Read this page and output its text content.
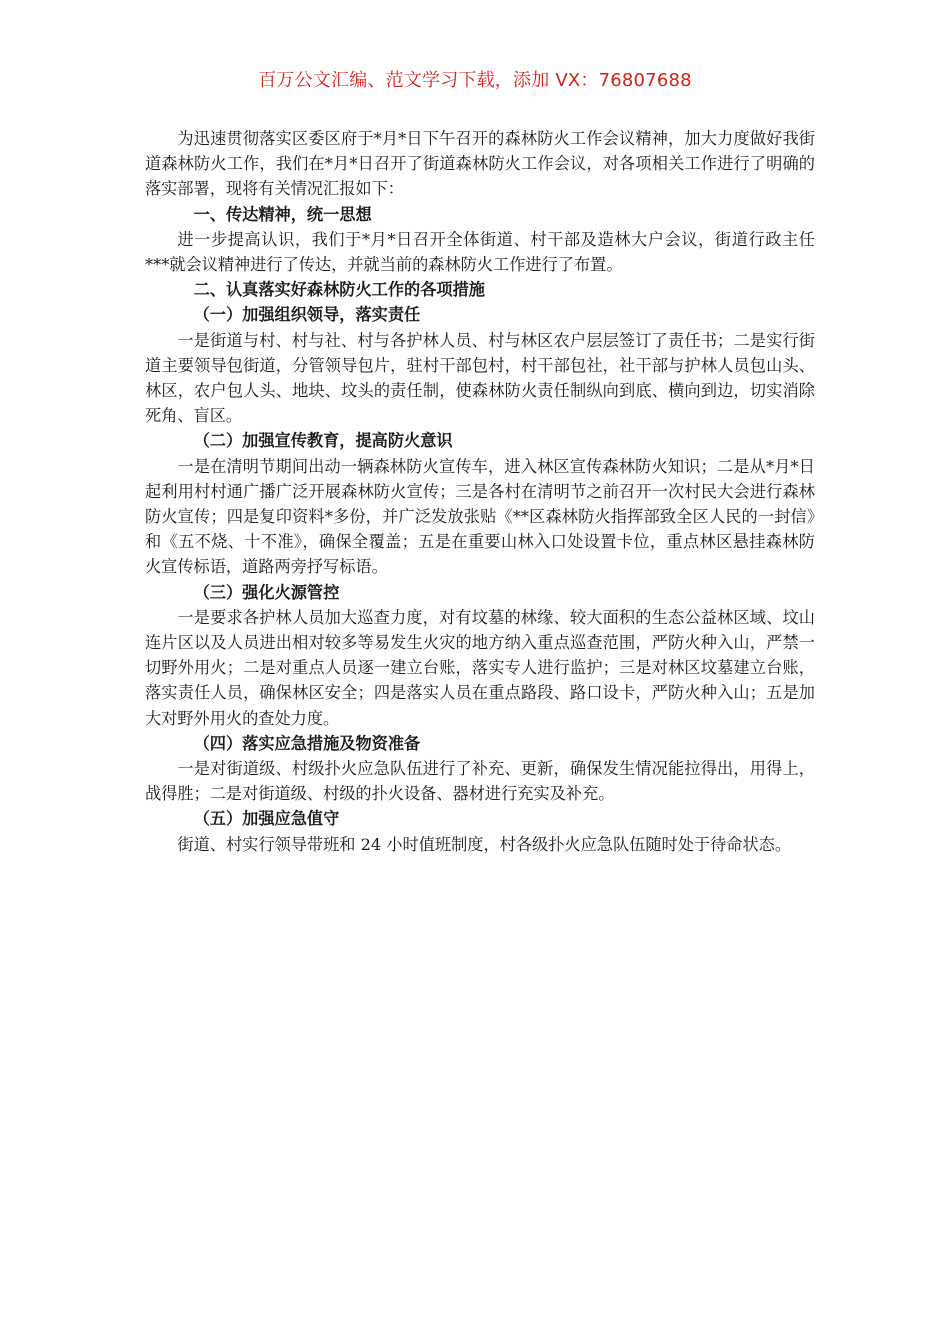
百万公文汇编、范文学习下载，添加 VX：76807688

为迅速贯彻落实区委区府于*月*日下午召开的森林防火工作会议精神，加大力度做好我街道森林防火工作，我们在*月*日召开了街道森林防火工作会议，对各项相关工作进行了明确的落实部署，现将有关情况汇报如下：

一、传达精神，统一思想

进一步提高认识，我们于*月*日召开全体街道、村干部及造林大户会议，街道行政主任***就会议精神进行了传达，并就当前的森林防火工作进行了布置。

二、认真落实好森林防火工作的各项措施
（一）加强组织领导，落实责任

一是街道与村、村与社、村与各护林人员、村与林区农户层层签订了责任书；二是实行街道主要领导包街道，分管领导包片，驻村干部包村，村干部包社，社干部与护林人员包山头、林区，农户包人头、地块、坟头的责任制，使森林防火责任制纵向到底、横向到边，切实消除死角、盲区。

（二）加强宣传教育，提高防火意识

一是在清明节期间出动一辆森林防火宣传车，进入林区宣传森林防火知识；二是从*月*日起利用村村通广播广泛开展森林防火宣传；三是各村在清明节之前召开一次村民大会进行森林防火宣传；四是复印资料*多份，并广泛发放张贴《**区森林防火指挥部致全区人民的一封信》和《五不烧、十不准》，确保全覆盖；五是在重要山林入口处设置卡位，重点林区悬挂森林防火宣传标语，道路两旁抒写标语。

（三）强化火源管控

一是要求各护林人员加大巡查力度，对有坟墓的林缘、较大面积的生态公益林区域、坟山连片区以及人员进出相对较多等易发生火灾的地方纳入重点巡查范围，严防火种入山，严禁一切野外用火；二是对重点人员逐一建立台账，落实专人进行监护；三是对林区坟墓建立台账，落实责任人员，确保林区安全；四是落实人员在重点路段、路口设卡，严防火种入山；五是加大对野外用火的查处力度。

（四）落实应急措施及物资准备

一是对街道级、村级扑火应急队伍进行了补充、更新，确保发生情况能拉得出，用得上，战得胜；二是对街道级、村级的扑火设备、器材进行充实及补充。

（五）加强应急值守

街道、村实行领导带班和 24 小时值班制度，村各级扑火应急队伍随时处于待命状态。
